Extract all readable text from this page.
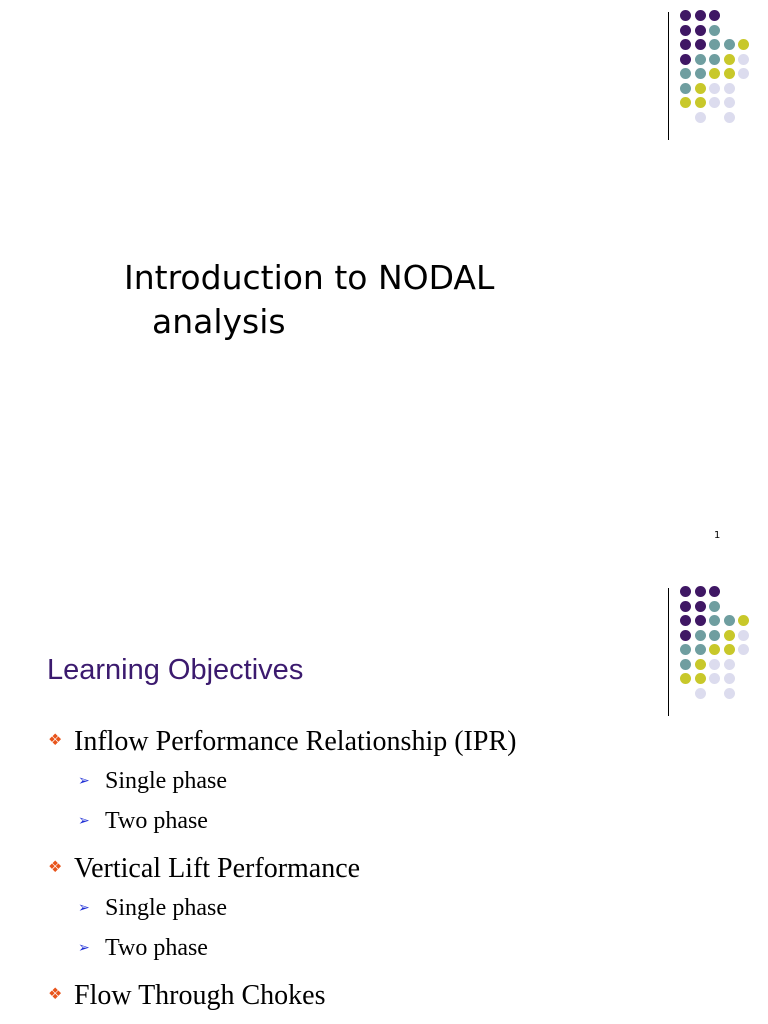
Introduction to NODAL
analysis
1
Learning Objectives
❖ Inflow Performance Relationship (IPR)
➢ Single phase
➢ Two phase
❖ Vertical Lift Performance
➢ Single phase
➢ Two phase
❖ Flow Through Chokes
